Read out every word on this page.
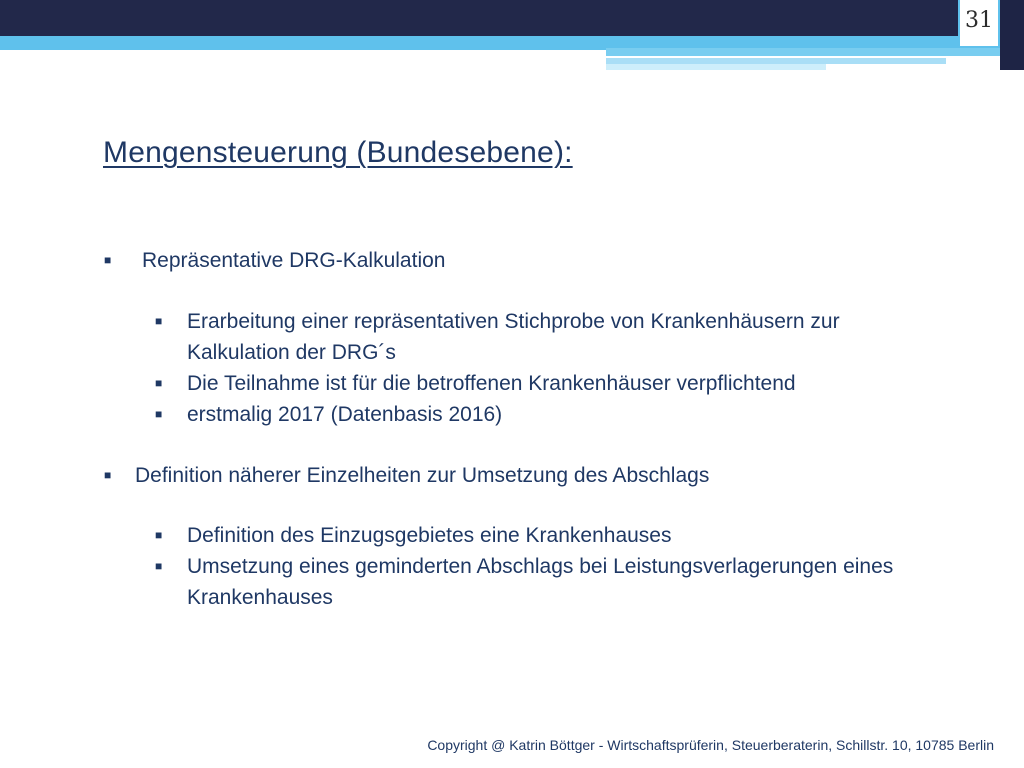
31
Mengensteuerung (Bundesebene):
■	Repräsentative DRG-Kalkulation
■	Erarbeitung einer repräsentativen Stichprobe von Krankenhäusern zur Kalkulation der DRG´s
■	Die Teilnahme ist für die betroffenen Krankenhäuser verpflichtend
■	erstmalig 2017 (Datenbasis 2016)
■	Definition näherer Einzelheiten zur Umsetzung des Abschlags
■	Definition des Einzugsgebietes eine Krankenhauses
■	Umsetzung eines geminderten Abschlags bei Leistungsverlagerungen eines Krankenhauses
Copyright @ Katrin Böttger - Wirtschaftsprüferin, Steuerberaterin, Schillstr. 10, 10785 Berlin
